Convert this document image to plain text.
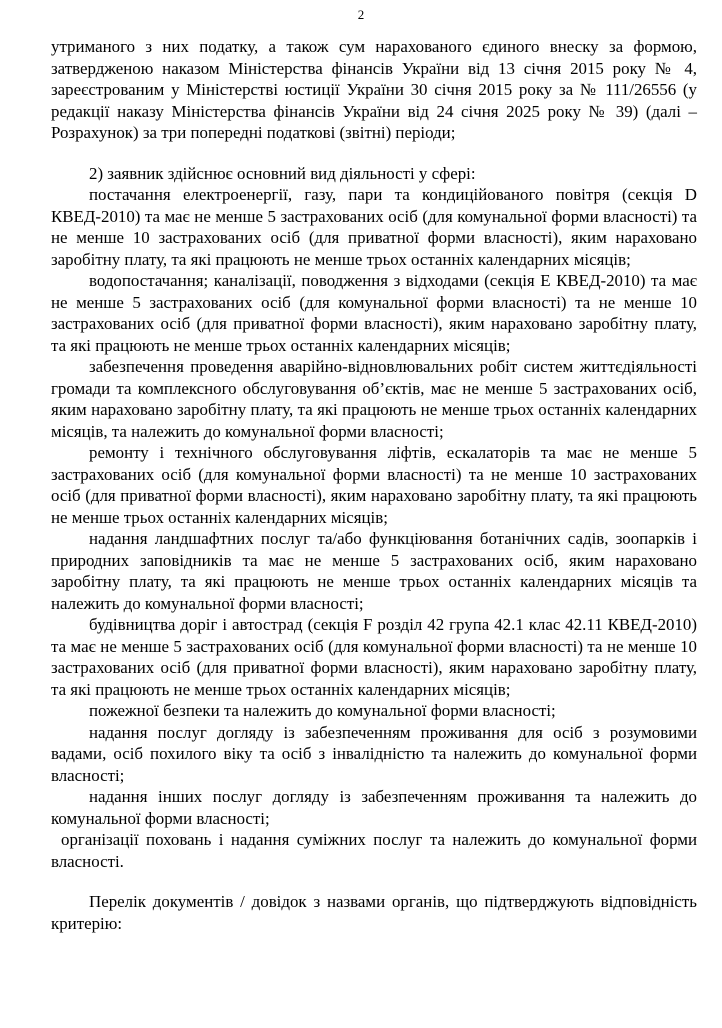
2

утриманого з них податку, а також сум нарахованого єдиного внеску за формою, затвердженою наказом Міністерства фінансів України від 13 січня 2015 року № 4, зареєстрованим у Міністерстві юстиції України 30 січня 2015 року за № 111/26556 (у редакції наказу Міністерства фінансів України від 24 січня 2025 року № 39) (далі – Розрахунок) за три попередні податкові (звітні) періоди;

2) заявник здійснює основний вид діяльності у сфері:

постачання електроенергії, газу, пари та кондиційованого повітря (секція D КВЕД-2010) та має не менше 5 застрахованих осіб (для комунальної форми власності) та не менше 10 застрахованих осіб (для приватної форми власності), яким нараховано заробітну плату, та які працюють не менше трьох останніх календарних місяців;

водопостачання; каналізації, поводження з відходами (секція E КВЕД-2010) та має не менше 5 застрахованих осіб (для комунальної форми власності) та не менше 10 застрахованих осіб (для приватної форми власності), яким нараховано заробітну плату, та які працюють не менше трьох останніх календарних місяців;

забезпечення проведення аварійно-відновлювальних робіт систем життєдіяльності громади та комплексного обслуговування об’єктів, має не менше 5 застрахованих осіб, яким нараховано заробітну плату, та які працюють не менше трьох останніх календарних місяців, та належить до комунальної форми власності;

ремонту і технічного обслуговування ліфтів, ескалаторів та має не менше 5 застрахованих осіб (для комунальної форми власності) та не менше 10 застрахованих осіб (для приватної форми власності), яким нараховано заробітну плату, та які працюють не менше трьох останніх календарних місяців;

надання ландшафтних послуг та/або функціювання ботанічних садів, зоопарків і природних заповідників та має не менше 5 застрахованих осіб, яким нараховано заробітну плату, та які працюють не менше трьох останніх календарних місяців та належить до комунальної форми власності;

будівництва доріг і автострад (секція F розділ 42 група 42.1 клас 42.11 КВЕД-2010) та має не менше 5 застрахованих осіб (для комунальної форми власності) та не менше 10 застрахованих осіб (для приватної форми власності), яким нараховано заробітну плату, та які працюють не менше трьох останніх календарних місяців;

пожежної безпеки та належить до комунальної форми власності;

надання послуг догляду із забезпеченням проживання для осіб з розумовими вадами, осіб похилого віку та осіб з інвалідністю та належить до комунальної форми власності;

надання інших послуг догляду із забезпеченням проживання та належить до комунальної форми власності;

організації поховань і надання суміжних послуг та належить до комунальної форми власності.

Перелік документів / довідок з назвами органів, що підтверджують відповідність критерію:
